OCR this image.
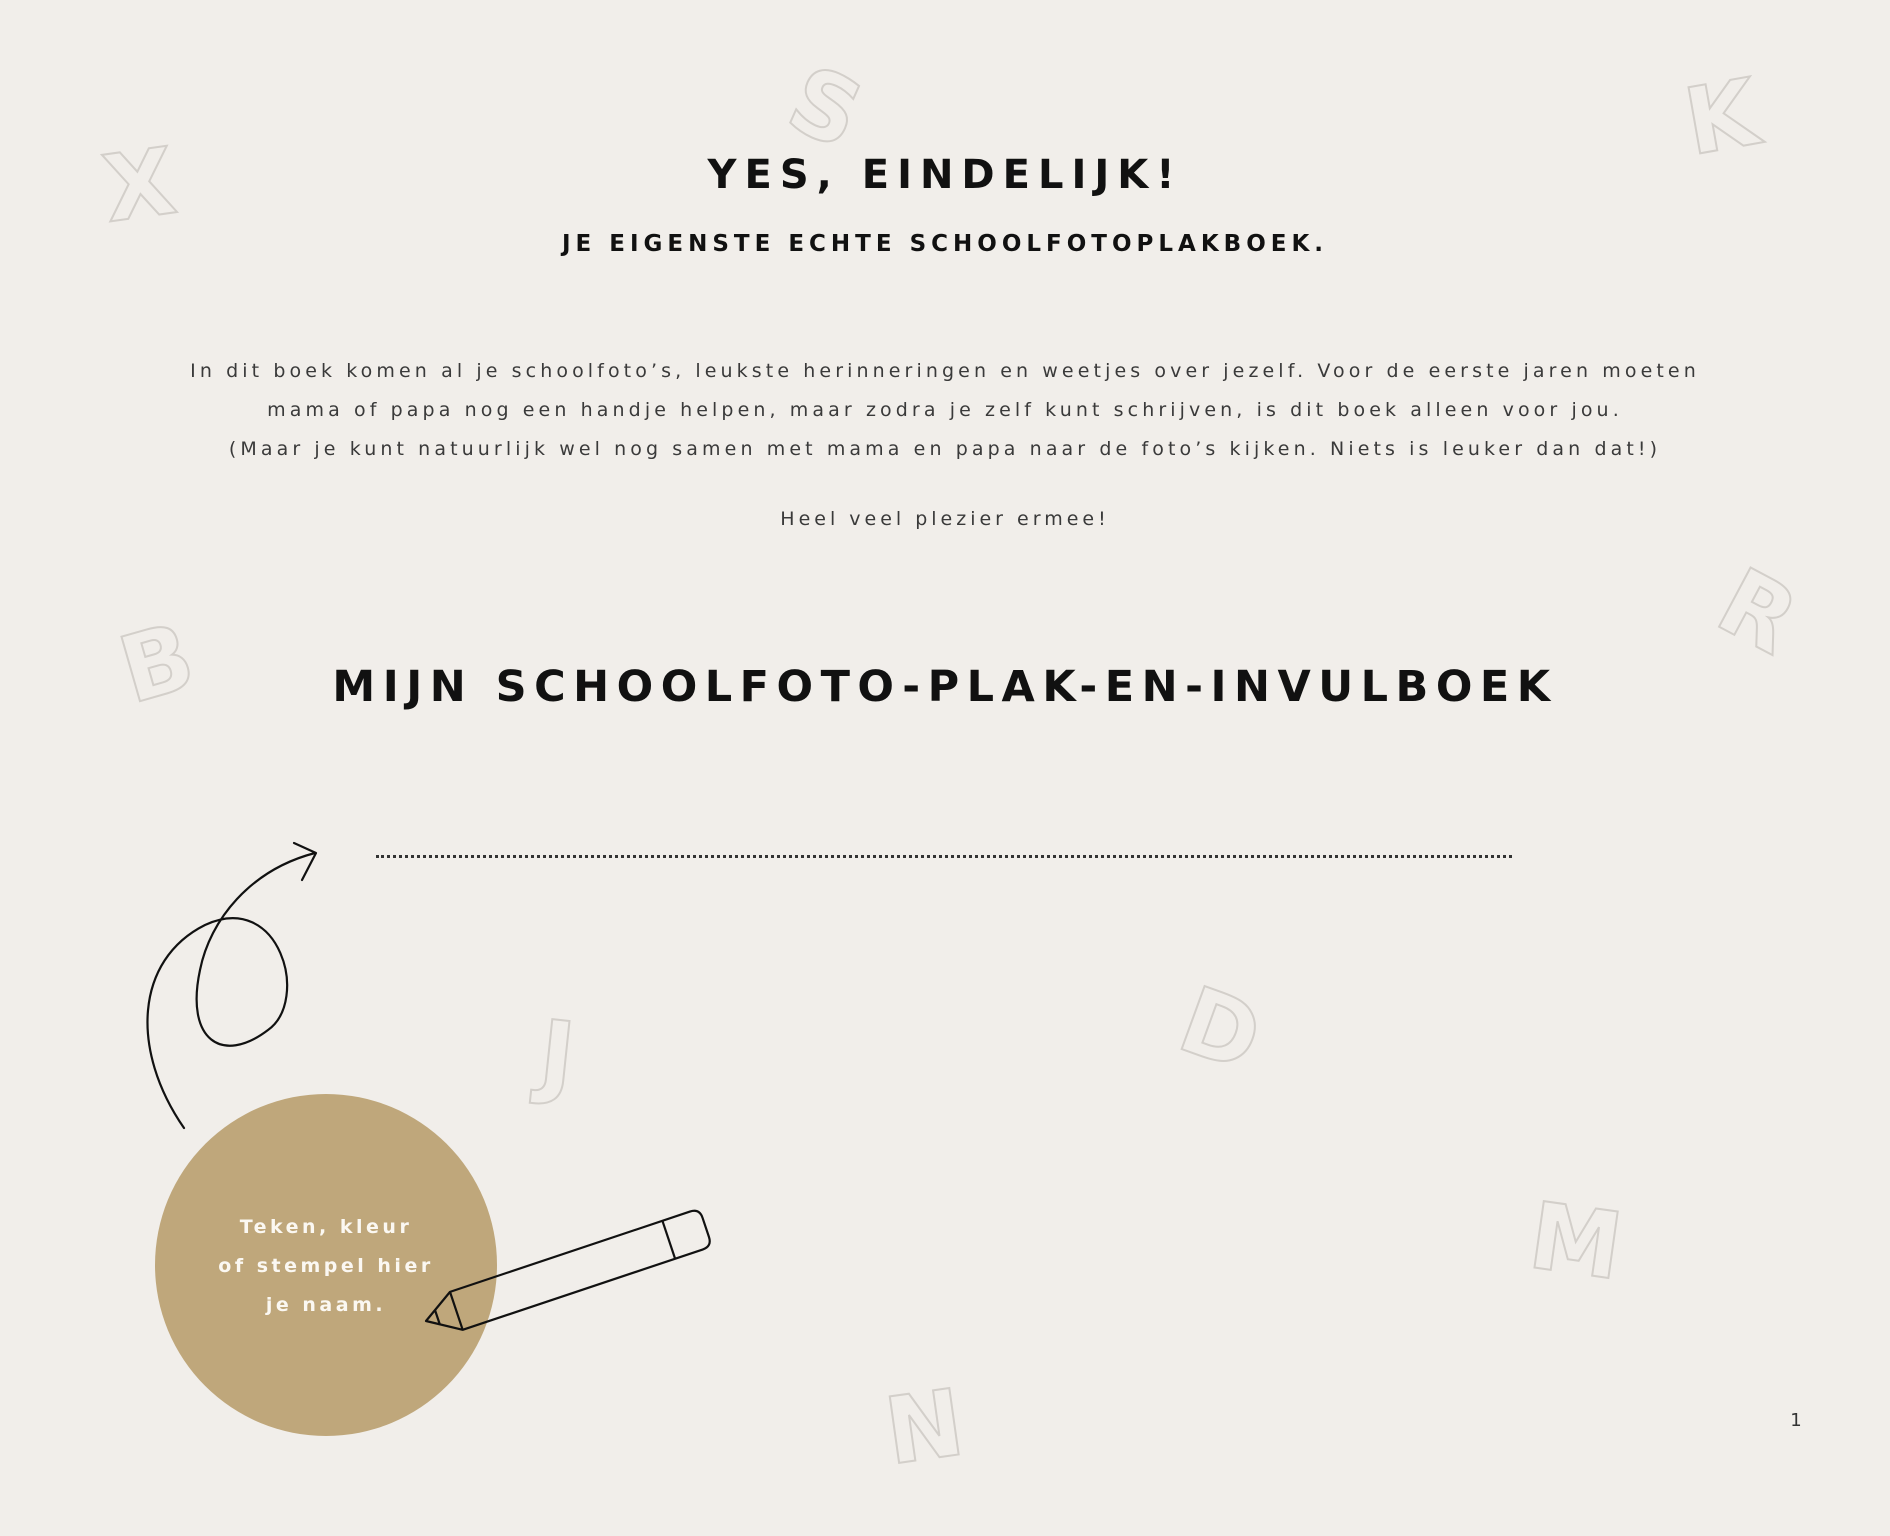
X
S	K
B	R
J	D
M
N
YES, EINDELIJK!
JE EIGENSTE ECHTE SCHOOLFOTOPLAKBOEK.

In dit boek komen al je schoolfoto’s, leukste herinneringen en weetjes over jezelf. Voor de eerste jaren moeten
mama of papa nog een handje helpen, maar zodra je zelf kunt schrijven, is dit boek alleen voor jou.
(Maar je kunt natuurlijk wel nog samen met mama en papa naar de foto’s kijken. Niets is leuker dan dat!)

Heel veel plezier ermee!

MIJN SCHOOLFOTO-PLAK-EN-INVULBOEK
Teken, kleur
of stempel hier
je naam.
1
